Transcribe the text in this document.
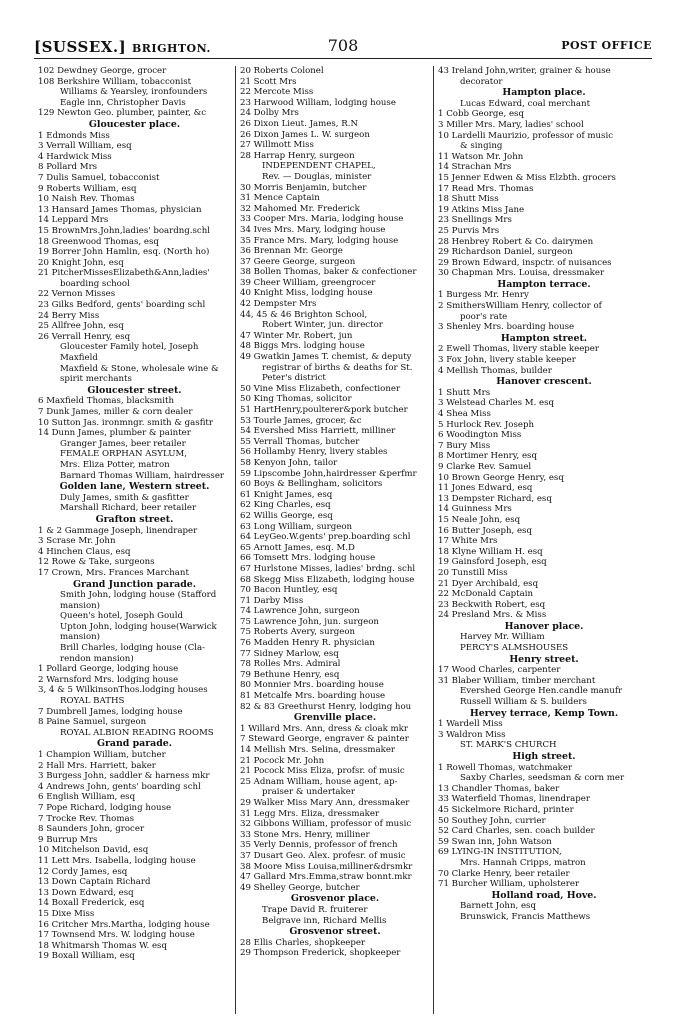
[SUSSEX.] BRIGHTON.	708	POST OFFICE
102 Dewdney George, grocer
108 Berkshire William, tobacconist
Williams & Yearsley, ironfounders
Eagle inn, Christopher Davis
129 Newton Geo. plumber, painter, &c
Gloucester place.
1 Edmonds Miss
3 Verrall William, esq
4 Hardwick Miss
8 Pollard Mrs
7 Dulis Samuel, tobacconist
9 Roberts William, esq
10 Naish Rev. Thomas
13 Hansard James Thomas, physician
14 Leppard Mrs
15 BrownMrs.John,ladies' boardng.schl
18 Greenwood Thomas, esq
19 Borrer John Hamlin, esq. (North ho)
20 Knight John, esq
21 PitcherMissesElizabeth&Ann,ladies'
boarding school
22 Vernon Misses
23 Gilks Bedford, gents' boarding schl
24 Berry Miss
25 Allfree John, esq
26 Verrall Henry, esq
Gloucester Family hotel, Joseph
Maxfield
Maxfield & Stone, wholesale wine &
spirit merchants
Gloucester street.
6 Maxfield Thomas, blacksmith
7 Dunk James, miller & corn dealer
10 Sutton Jas. ironmngr. smith & gasfitr
14 Dunn James, plumber & painter
Granger James, beer retailer
FEMALE ORPHAN ASYLUM,
Mrs. Eliza Potter, matron
Barnard Thomas William, hairdresser
Golden lane, Western street.
Duly James, smith & gasfitter
Marshall Richard, beer retailer
Grafton street.
1 & 2 Gammage Joseph, linendraper
3 Scrase Mr. John
4 Hinchen Claus, esq
12 Rowe & Take, surgeons
17 Crown, Mrs. Frances Marchant
Grand Junction parade.
Smith John, lodging house (Stafford
mansion)
Queen's hotel, Joseph Gould
Upton John, lodging house(Warwick
mansion)
Brill Charles, lodging house (Cla-
rendon mansion)
1 Pollard George, lodging house
2 Warnsford Mrs. lodging house
3, 4 & 5 WilkinsonThos.lodging houses
ROYAL BATHS
7 Dumbrell James, lodging house
8 Paine Samuel, surgeon
ROYAL ALBION READING ROOMS
Grand parade.
1 Champion William, butcher
2 Hall Mrs. Harriett, baker
3 Burgess John, saddler & harness mkr
4 Andrews John, gents' boarding schl
6 English William, esq
7 Pope Richard, lodging house
7 Trocke Rev. Thomas
8 Saunders John, grocer
9 Burrup Mrs
10 Mitchelson David, esq
11 Lett Mrs. Isabella, lodging house
12 Cordy James, esq
13 Down Captain Richard
13 Down Edward, esq
14 Boxall Frederick, esq
15 Dixe Miss
16 Critcher Mrs.Martha, lodging house
17 Townsend Mrs. W. lodging house
18 Whitmarsh Thomas W. esq
19 Boxall William, esq
20 Roberts Colonel
21 Scott Mrs
22 Mercote Miss
23 Harwood William, lodging house
24 Dolby Mrs
26 Dixon Lieut. James, R.N
26 Dixon James L. W. surgeon
27 Willmott Miss
28 Harrap Henry, surgeon
INDEPENDENT CHAPEL,
Rev. — Douglas, minister
30 Morris Benjamin, butcher
31 Mence Captain
32 Mahomed Mr. Frederick
33 Cooper Mrs. Maria, lodging house
34 Ives Mrs. Mary, lodging house
35 France Mrs. Mary, lodging house
36 Brennan Mr. George
37 Geere George, surgeon
38 Bollen Thomas, baker & confectioner
39 Cheer William, greengrocer
40 Knight Miss, lodging house
42 Dempster Mrs
44, 45 & 46 Brighton School,
Robert Winter, jun. director
47 Winter Mr. Robert, jun
48 Biggs Mrs. lodging house
49 Gwatkin James T. chemist, & deputy
registrar of births & deaths for St.
Peter's district
50 Vine Miss Elizabeth, confectioner
50 King Thomas, solicitor
51 HartHenry,poulterer&pork butcher
53 Tourle James, grocer, &c
54 Evershed Miss Harriett, milliner
55 Verrall Thomas, butcher
56 Hollamby Henry, livery stables
58 Kenyon John, tailor
59 Lipscombe John,hairdresser &perfmr
60 Boys & Bellingham, solicitors
61 Knight James, esq
62 King Charles, esq
62 Willis George, esq
63 Long William, surgeon
64 LeyGeo.W.gents' prep.boarding schl
65 Arnott James, esq. M.D
66 Tomsett Mrs. lodging house
67 Hurlstone Misses, ladies' brdng. schl
68 Skegg Miss Elizabeth, lodging house
70 Bacon Huntley, esq
71 Darby Miss
74 Lawrence John, surgeon
75 Lawrence John, jun. surgeon
75 Roberts Avery, surgeon
76 Madden Henry R. physician
77 Sidney Marlow, esq
78 Rolles Mrs. Admiral
79 Bethune Henry, esq
80 Monnier Mrs. boarding house
81 Metcalfe Mrs. boarding house
82 & 83 Greethurst Henry, lodging hou
Grenville place.
1 Willard Mrs. Ann, dress & cloak mkr
7 Steward George, engraver & painter
14 Mellish Mrs. Selina, dressmaker
21 Pocock Mr. John
21 Pocock Miss Eliza, profsr. of music
25 Adnam William, house agent, ap-
praiser & undertaker
29 Walker Miss Mary Ann, dressmaker
31 Legg Mrs. Eliza, dressmaker
32 Gibbons William, professor of music
33 Stone Mrs. Henry, milliner
35 Verly Dennis, professor of french
37 Dusart Geo. Alex. profesr. of music
38 Moore Miss Louisa,milliner&drsmkr
47 Gallard Mrs.Emma,straw bonnt.mkr
49 Shelley George, butcher
Grosvenor place.
Trape David R. fruiterer
Belgrave inn, Richard Mellis
Grosvenor street.
28 Ellis Charles, shopkeeper
29 Thompson Frederick, shopkeeper
43 Ireland John,writer, grainer & house
decorator
Hampton place.
Lucas Edward, coal merchant
1 Cobb George, esq
3 Miller Mrs. Mary, ladies' school
10 Lardelli Maurizio, professor of music
& singing
11 Watson Mr. John
14 Strachan Mrs
15 Jenner Edwen & Miss Elzbth. grocers
17 Read Mrs. Thomas
18 Shutt Miss
19 Atkins Miss Jane
23 Snellings Mrs
25 Purvis Mrs
28 Henbrey Robert & Co. dairymen
29 Richardson Daniel, surgeon
29 Brown Edward, inspctr. of nuisances
30 Chapman Mrs. Louisa, dressmaker
Hampton terrace.
1 Burgess Mr. Henry
2 SmithersWilliam Henry, collector of
poor's rate
3 Shenley Mrs. boarding house
Hampton street.
2 Ewell Thomas, livery stable keeper
3 Fox John, livery stable keeper
4 Mellish Thomas, builder
Hanover crescent.
1 Shutt Mrs
3 Welstead Charles M. esq
4 Shea Miss
5 Hurlock Rev. Joseph
6 Woodington Miss
7 Bury Miss
8 Mortimer Henry, esq
9 Clarke Rev. Samuel
10 Brown George Henry, esq
11 Jones Edward, esq
13 Dempster Richard, esq
14 Guinness Mrs
15 Neale John, esq
16 Butter Joseph, esq
17 White Mrs
18 Klyne William H. esq
19 Gainsford Joseph, esq
20 Tunstill Miss
21 Dyer Archibald, esq
22 McDonald Captain
23 Beckwith Robert, esq
24 Presland Mrs. & Miss
Hanover place.
Harvey Mr. William
PERCY'S ALMSHOUSES
Henry street.
17 Wood Charles, carpenter
31 Blaber William, timber merchant
Evershed George Hen.candle manufr
Russell William & S. builders
Hervey terrace, Kemp Town.
1 Wardell Miss
3 Waldron Miss
ST. MARK'S CHURCH
High street.
1 Rowell Thomas, watchmaker
Saxby Charles, seedsman & corn mer
13 Chandler Thomas, baker
33 Waterfield Thomas, linendraper
45 Sickelmore Richard, printer
50 Southey John, currier
52 Card Charles, sen. coach builder
59 Swan inn, John Watson
69 LYING-IN INSTITUTION,
Mrs. Hannah Cripps, matron
70 Clarke Henry, beer retailer
71 Burcher William, upholsterer
Holland road, Hove.
Barnett John, esq
Brunswick, Francis Matthews
